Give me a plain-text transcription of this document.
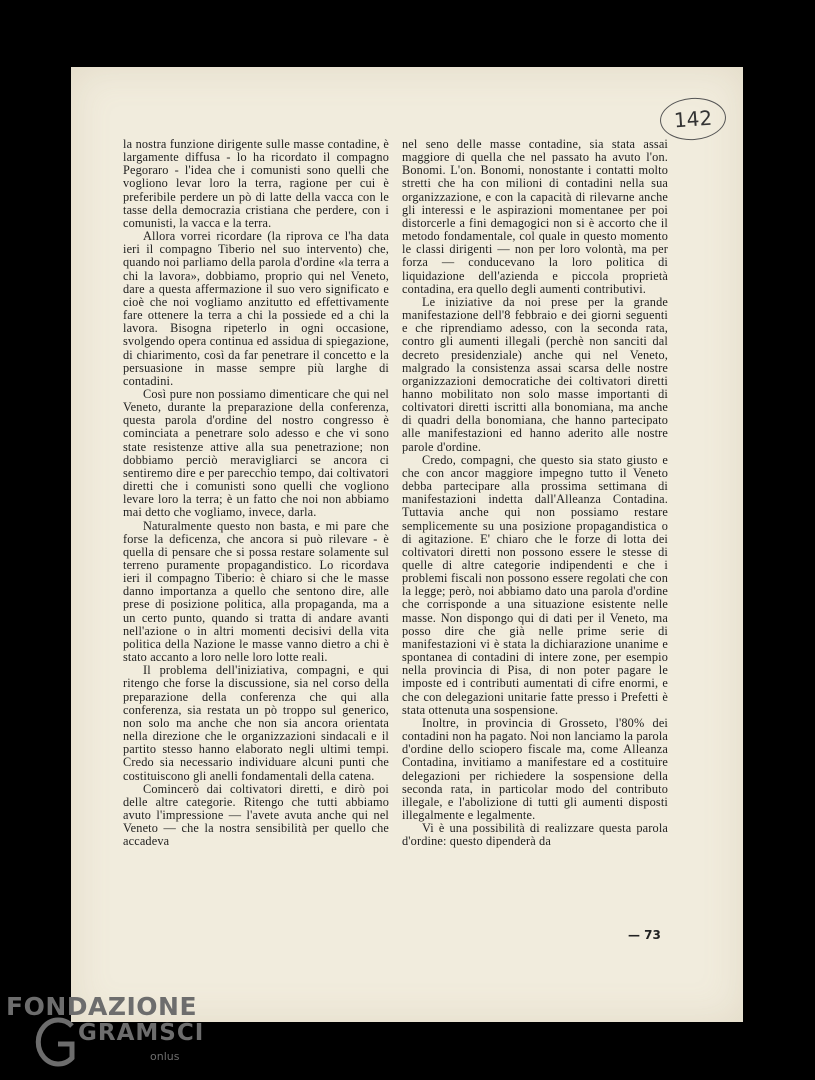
142

la nostra funzione dirigente sulle masse contadine, è largamente diffusa - lo ha ricordato il compagno Pegoraro - l'idea che i comunisti sono quelli che vogliono levar loro la terra, ragione per cui è preferibile perdere un pò di latte della vacca con le tasse della democrazia cristiana che perdere, con i comunisti, la vacca e la terra.

Allora vorrei ricordare (la riprova ce l'ha data ieri il compagno Tiberio nel suo intervento) che, quando noi parliamo della parola d'ordine «la terra a chi la lavora», dobbiamo, proprio qui nel Veneto, dare a questa affermazione il suo vero significato e cioè che noi vogliamo anzitutto ed effettivamente fare ottenere la terra a chi la possiede ed a chi la lavora. Bisogna ripeterlo in ogni occasione, svolgendo opera continua ed assidua di spiegazione, di chiarimento, così da far penetrare il concetto e la persuasione in masse sempre più larghe di contadini.

Così pure non possiamo dimenticare che qui nel Veneto, durante la preparazione della conferenza, questa parola d'ordine del nostro congresso è cominciata a penetrare solo adesso e che vi sono state resistenze attive alla sua penetrazione; non dobbiamo perciò meravigliarci se ancora ci sentiremo dire e per parecchio tempo, dai coltivatori diretti che i comunisti sono quelli che vogliono levare loro la terra; è un fatto che noi non abbiamo mai detto che vogliamo, invece, darla.

Naturalmente questo non basta, e mi pare che forse la deficenza, che ancora si può rilevare - è quella di pensare che si possa restare solamente sul terreno puramente propagandistico. Lo ricordava ieri il compagno Tiberio: è chiaro si che le masse danno importanza a quello che sentono dire, alle prese di posizione politica, alla propaganda, ma a un certo punto, quando si tratta di andare avanti nell'azione o in altri momenti decisivi della vita politica della Nazione le masse vanno dietro a chi è stato accanto a loro nelle loro lotte reali.

Il problema dell'iniziativa, compagni, e qui ritengo che forse la discussione, sia nel corso della preparazione della conferenza che qui alla conferenza, sia restata un pò troppo sul generico, non solo ma anche che non sia ancora orientata nella direzione che le organizzazioni sindacali e il partito stesso hanno elaborato negli ultimi tempi. Credo sia necessario individuare alcuni punti che costituiscono gli anelli fondamentali della catena.

Comincerò dai coltivatori diretti, e dirò poi delle altre categorie. Ritengo che tutti abbiamo avuto l'impressione — l'avete avuta anche qui nel Veneto — che la nostra sensibilità per quello che accadeva

nel seno delle masse contadine, sia stata assai maggiore di quella che nel passato ha avuto l'on. Bonomi. L'on. Bonomi, nonostante i contatti molto stretti che ha con milioni di contadini nella sua organizzazione, e con la capacità di rilevarne anche gli interessi e le aspirazioni momentanee per poi distorcerle a fini demagogici non si è accorto che il metodo fondamentale, col quale in questo momento le classi dirigenti — non per loro volontà, ma per forza — conducevano la loro politica di liquidazione dell'azienda e piccola proprietà contadina, era quello degli aumenti contributivi.

Le iniziative da noi prese per la grande manifestazione dell'8 febbraio e dei giorni seguenti e che riprendiamo adesso, con la seconda rata, contro gli aumenti illegali (perchè non sanciti dal decreto presidenziale) anche qui nel Veneto, malgrado la consistenza assai scarsa delle nostre organizzazioni democratiche dei coltivatori diretti hanno mobilitato non solo masse importanti di coltivatori diretti iscritti alla bonomiana, ma anche di quadri della bonomiana, che hanno partecipato alle manifestazioni ed hanno aderito alle nostre parole d'ordine.

Credo, compagni, che questo sia stato giusto e che con ancor maggiore impegno tutto il Veneto debba partecipare alla prossima settimana di manifestazioni indetta dall'Alleanza Contadina. Tuttavia anche qui non possiamo restare semplicemente su una posizione propagandistica o di agitazione. E' chiaro che le forze di lotta dei coltivatori diretti non possono essere le stesse di quelle di altre categorie indipendenti e che i problemi fiscali non possono essere regolati che con la legge; però, noi abbiamo dato una parola d'ordine che corrisponde a una situazione esistente nelle masse. Non dispongo qui di dati per il Veneto, ma posso dire che già nelle prime serie di manifestazioni vi è stata la dichiarazione unanime e spontanea di contadini di intere zone, per esempio nella provincia di Pisa, di non poter pagare le imposte ed i contributi aumentati di cifre enormi, e che con delegazioni unitarie fatte presso i Prefetti è stata ottenuta una sospensione.

Inoltre, in provincia di Grosseto, l'80% dei contadini non ha pagato. Noi non lanciamo la parola d'ordine dello sciopero fiscale ma, come Alleanza Contadina, invitiamo a manifestare ed a costituire delegazioni per richiedere la sospensione della seconda rata, in particolar modo del contributo illegale, e l'abolizione di tutti gli aumenti disposti illegalmente e legalmente.

Vi è una possibilità di realizzare questa parola d'ordine: questo dipenderà da

— 73
FONDAZIONE
GRAMSCI
onlus
